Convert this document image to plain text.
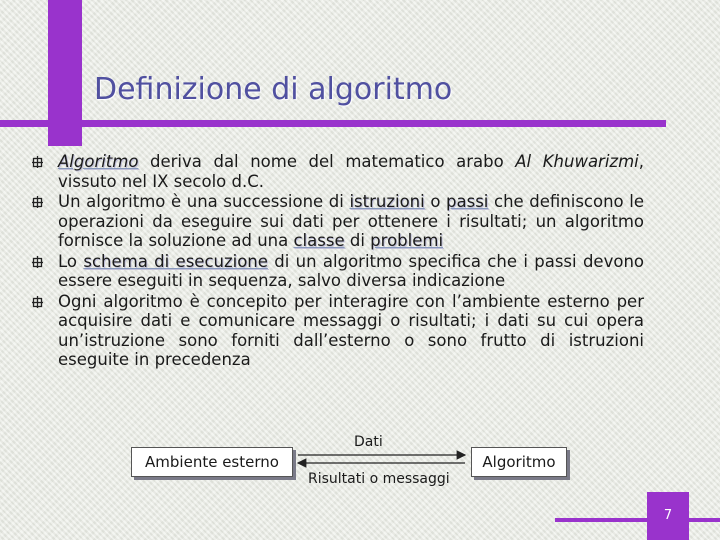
Definizione di algoritmo
Algoritmo deriva dal nome del matematico arabo Al Khuwarizmi, vissuto nel IX secolo d.C.
Un algoritmo è una successione di istruzioni o passi che definiscono le operazioni da eseguire sui dati per ottenere i risultati; un algoritmo fornisce la soluzione ad una classe di problemi
Lo schema di esecuzione di un algoritmo specifica che i passi devono essere eseguiti in sequenza, salvo diversa indicazione
Ogni algoritmo è concepito per interagire con l’ambiente esterno per acquisire dati e comunicare messaggi o risultati; i dati su cui opera un’istruzione sono forniti dall’esterno o sono frutto di istruzioni eseguite in precedenza
Ambiente esterno	Algoritmo
Dati
Risultati o messaggi
7
